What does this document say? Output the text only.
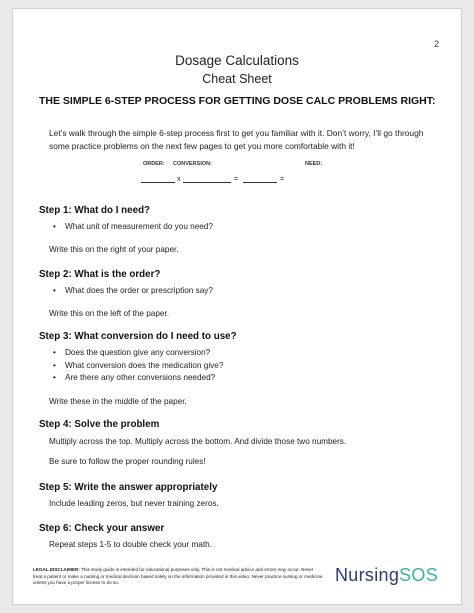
2
Dosage Calculations
Cheat Sheet
THE SIMPLE 6-STEP PROCESS FOR GETTING DOSE CALC PROBLEMS RIGHT:
Let’s walk through the simple 6-step process first to get you familiar with it. Don’t worry, I’ll go through some practice problems on the next few pages to get you more comfortable with it!
ORDER: CONVERSION:	NEED:
x	=	=
Step 1: What do I need?
• What unit of measurement do you need?
Write this on the right of your paper.
Step 2: What is the order?
• What does the order or prescription say?
Write this on the left of the paper.
Step 3: What conversion do I need to use?
• Does the question give any conversion?
• What conversion does the medication give?
• Are there any other conversions needed?
Write these in the middle of the paper.
Step 4: Solve the problem
Multiply across the top. Multiply across the bottom. And divide those two numbers.
Be sure to follow the proper rounding rules!
Step 5: Write the answer appropriately
Include leading zeros, but never training zeros.
Step 6: Check your answer
Repeat steps 1-5 to double check your math.
LEGAL DISCLAIMER: This study guide is intended for educational purposes only. This is not medical advice and errors may occur. Never treat a patient or make a nursing or medical decision based solely on the information provided in this video. Never practice nursing or medicine unless you have a proper license to do so.	NursingSOS
